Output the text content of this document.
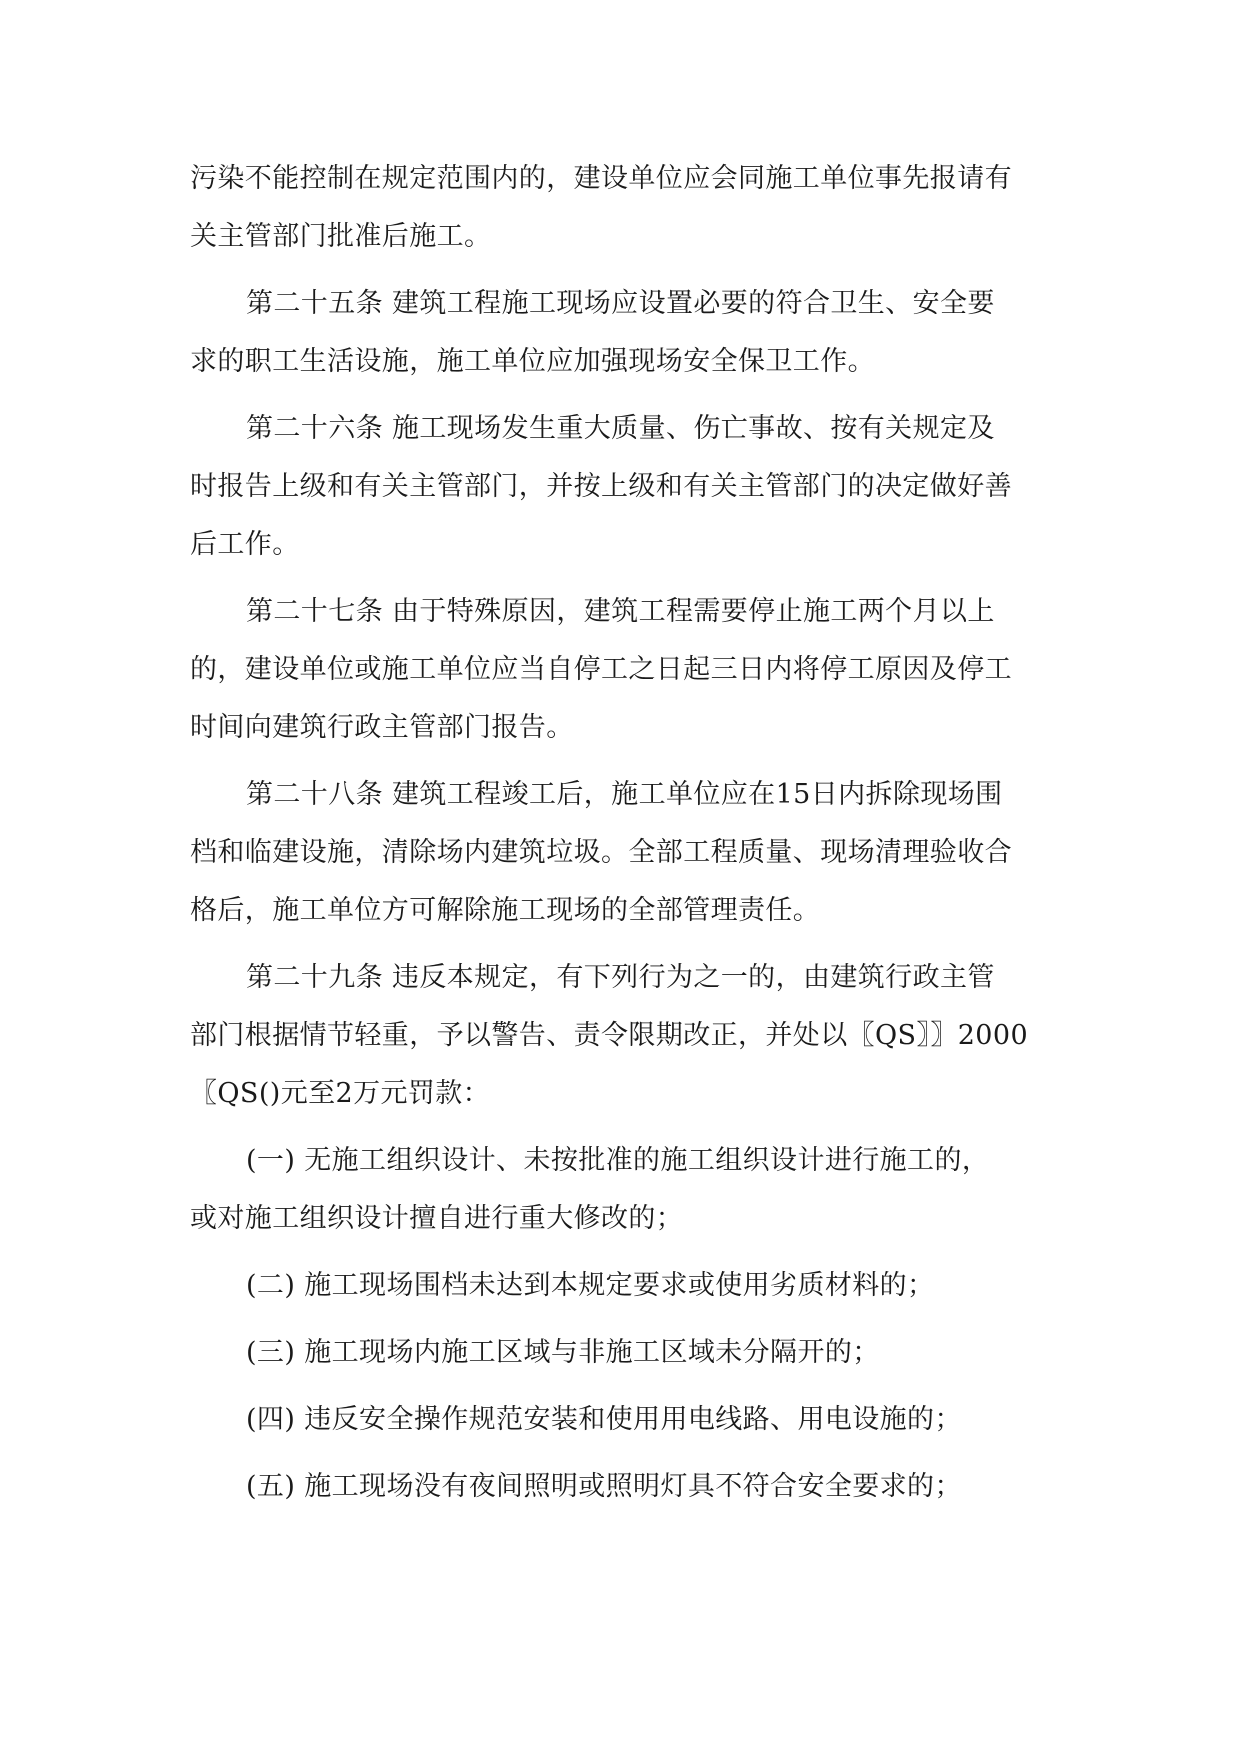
污染不能控制在规定范围内的，建设单位应会同施工单位事先报请有
关主管部门批准后施工。
第二十五条 建筑工程施工现场应设置必要的符合卫生、安全要
求的职工生活设施，施工单位应加强现场安全保卫工作。
第二十六条 施工现场发生重大质量、伤亡事故、按有关规定及
时报告上级和有关主管部门，并按上级和有关主管部门的决定做好善
后工作。
第二十七条 由于特殊原因，建筑工程需要停止施工两个月以上
的，建设单位或施工单位应当自停工之日起三日内将停工原因及停工
时间向建筑行政主管部门报告。
第二十八条 建筑工程竣工后，施工单位应在15日内拆除现场围
档和临建设施，清除场内建筑垃圾。全部工程质量、现场清理验收合
格后，施工单位方可解除施工现场的全部管理责任。
第二十九条 违反本规定，有下列行为之一的，由建筑行政主管
部门根据情节轻重，予以警告、责令限期改正，并处以〖QS〗〗2000
〖QS()元至2万元罚款：
(一) 无施工组织设计、未按批准的施工组织设计进行施工的，
或对施工组织设计擅自进行重大修改的；
(二) 施工现场围档未达到本规定要求或使用劣质材料的；
(三) 施工现场内施工区域与非施工区域未分隔开的；
(四) 违反安全操作规范安装和使用用电线路、用电设施的；
(五) 施工现场没有夜间照明或照明灯具不符合安全要求的；
